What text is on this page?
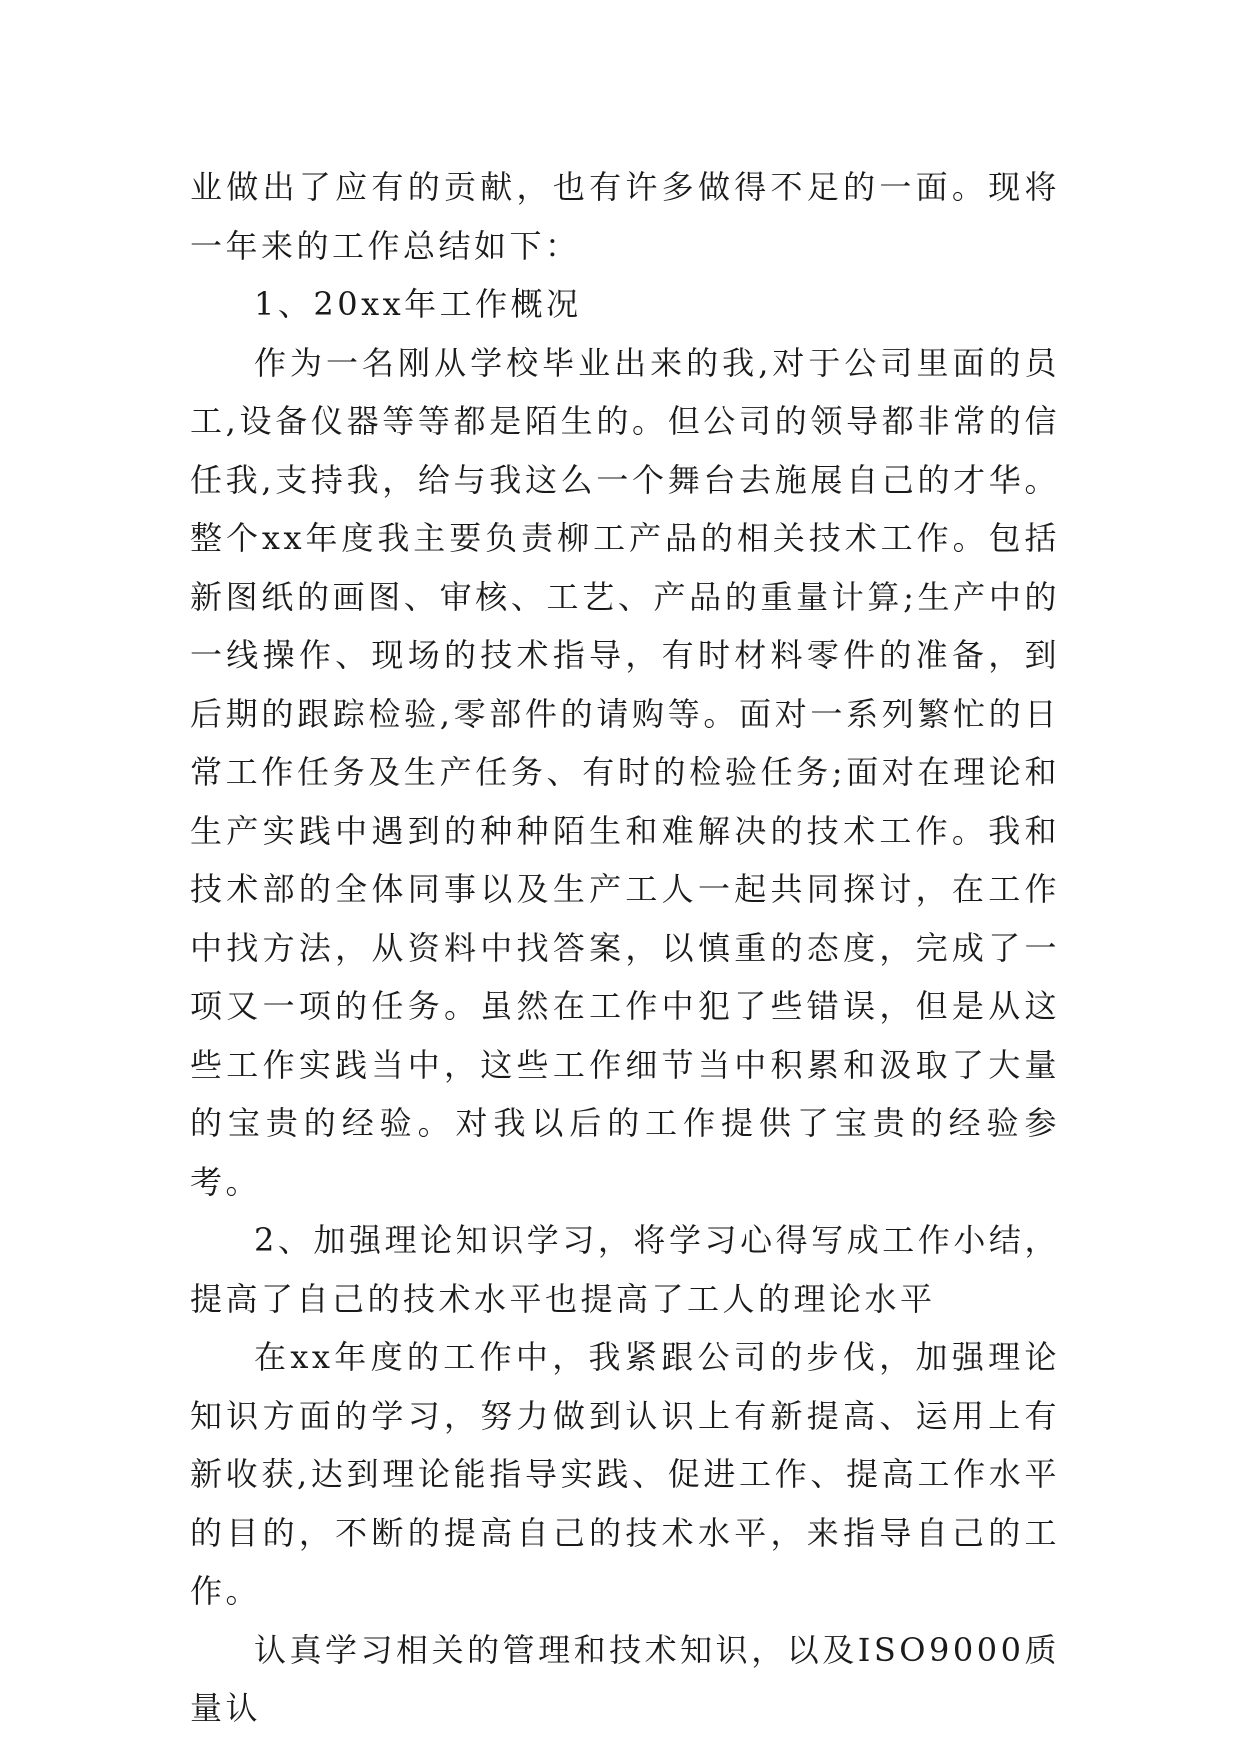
业做出了应有的贡献，也有许多做得不足的一面。现将一年来的工作总结如下：

1、20xx年工作概况

作为一名刚从学校毕业出来的我,对于公司里面的员工,设备仪器等等都是陌生的。但公司的领导都非常的信任我,支持我，给与我这么一个舞台去施展自己的才华。整个xx年度我主要负责柳工产品的相关技术工作。包括新图纸的画图、审核、工艺、产品的重量计算;生产中的一线操作、现场的技术指导，有时材料零件的准备，到后期的跟踪检验,零部件的请购等。面对一系列繁忙的日常工作任务及生产任务、有时的检验任务;面对在理论和生产实践中遇到的种种陌生和难解决的技术工作。我和技术部的全体同事以及生产工人一起共同探讨，在工作中找方法，从资料中找答案，以慎重的态度，完成了一项又一项的任务。虽然在工作中犯了些错误，但是从这些工作实践当中，这些工作细节当中积累和汲取了大量的宝贵的经验。对我以后的工作提供了宝贵的经验参考。

2、加强理论知识学习，将学习心得写成工作小结，提高了自己的技术水平也提高了工人的理论水平

在xx年度的工作中，我紧跟公司的步伐，加强理论知识方面的学习，努力做到认识上有新提高、运用上有新收获,达到理论能指导实践、促进工作、提高工作水平的目的，不断的提高自己的技术水平，来指导自己的工作。

认真学习相关的管理和技术知识，以及ISO9000质量认
